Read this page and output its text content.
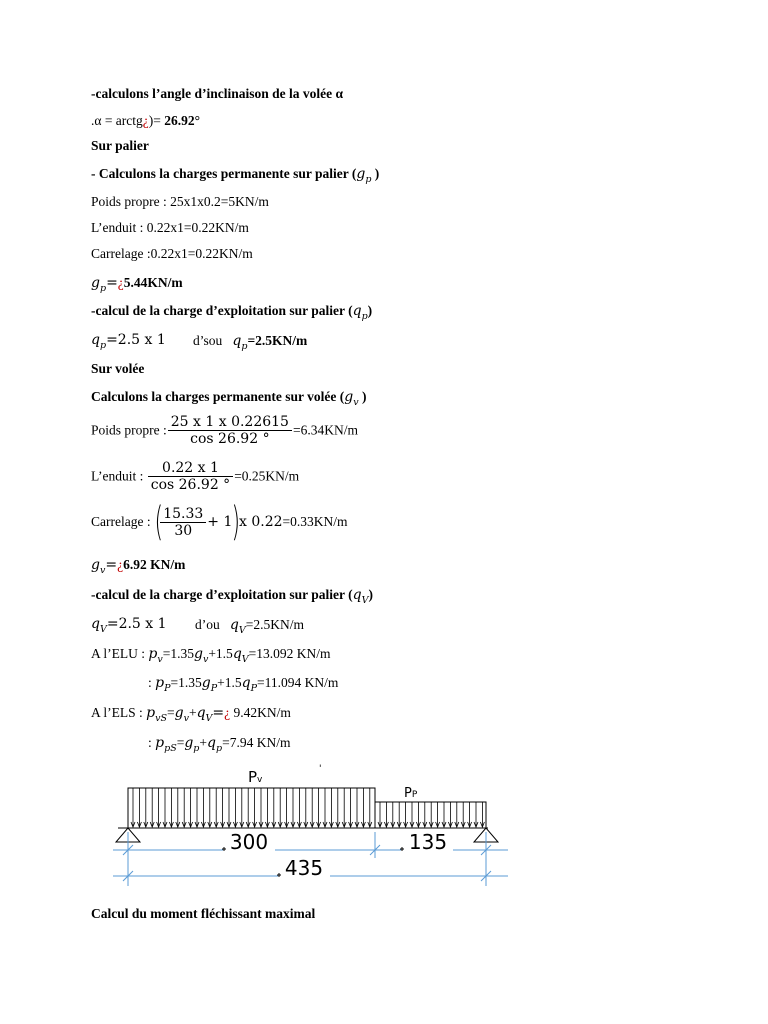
-calculons l’angle d’inclinaison de la volée α
.α = arctg¿)= 26.92°
Sur palier
- Calculons la charges permanente sur palier ($g_p$ )
Poids propre : 25x1x0.2=5KN/m
L’enduit : 0.22x1=0.22KN/m
Carrelage :0.22x1=0.22KN/m
$g_p=¿5.44KN/m$
-calcul de la charge d’exploitation sur palier $(q_p)$
$q_p=2.5$ x 1 d’sou $q_p=2.5KN/m$
Sur volée
Calculons la charges permanente sur volée ($g_v$ )
Poids propre : $\frac{25 x 1 x 0.22615}{\cos 26.92 ^\circ} =6.34KN/m$
L’enduit : $\frac{0.22 x 1}{\cos 26.92 ^\circ} =0.25KN/m$
Carrelage :(
$\frac{15.33}{30} + 1)x$ 0.22=0.33KN/m
$g_v=¿6.92$ KN/m
-calcul de la charge d’exploitation sur palier $(q_V)$
$q_V=2.5$ x 1 d’ou $q_V=2.5KN/m$
A l’ELU : $p_v=1.35g_v+1.5q_V=13.092$ KN/m
: $p_P=1.35g_P+1.5q_P=11.094$ KN/m
A l’ELS : $p_{vS}=g_v+q_V=¿$ 9.42KN/m
: $p_{pS}=g_p+q_p=7.94$ KN/m
Pv
PP
'
300	135
435
Calcul du moment fléchissant maximal
